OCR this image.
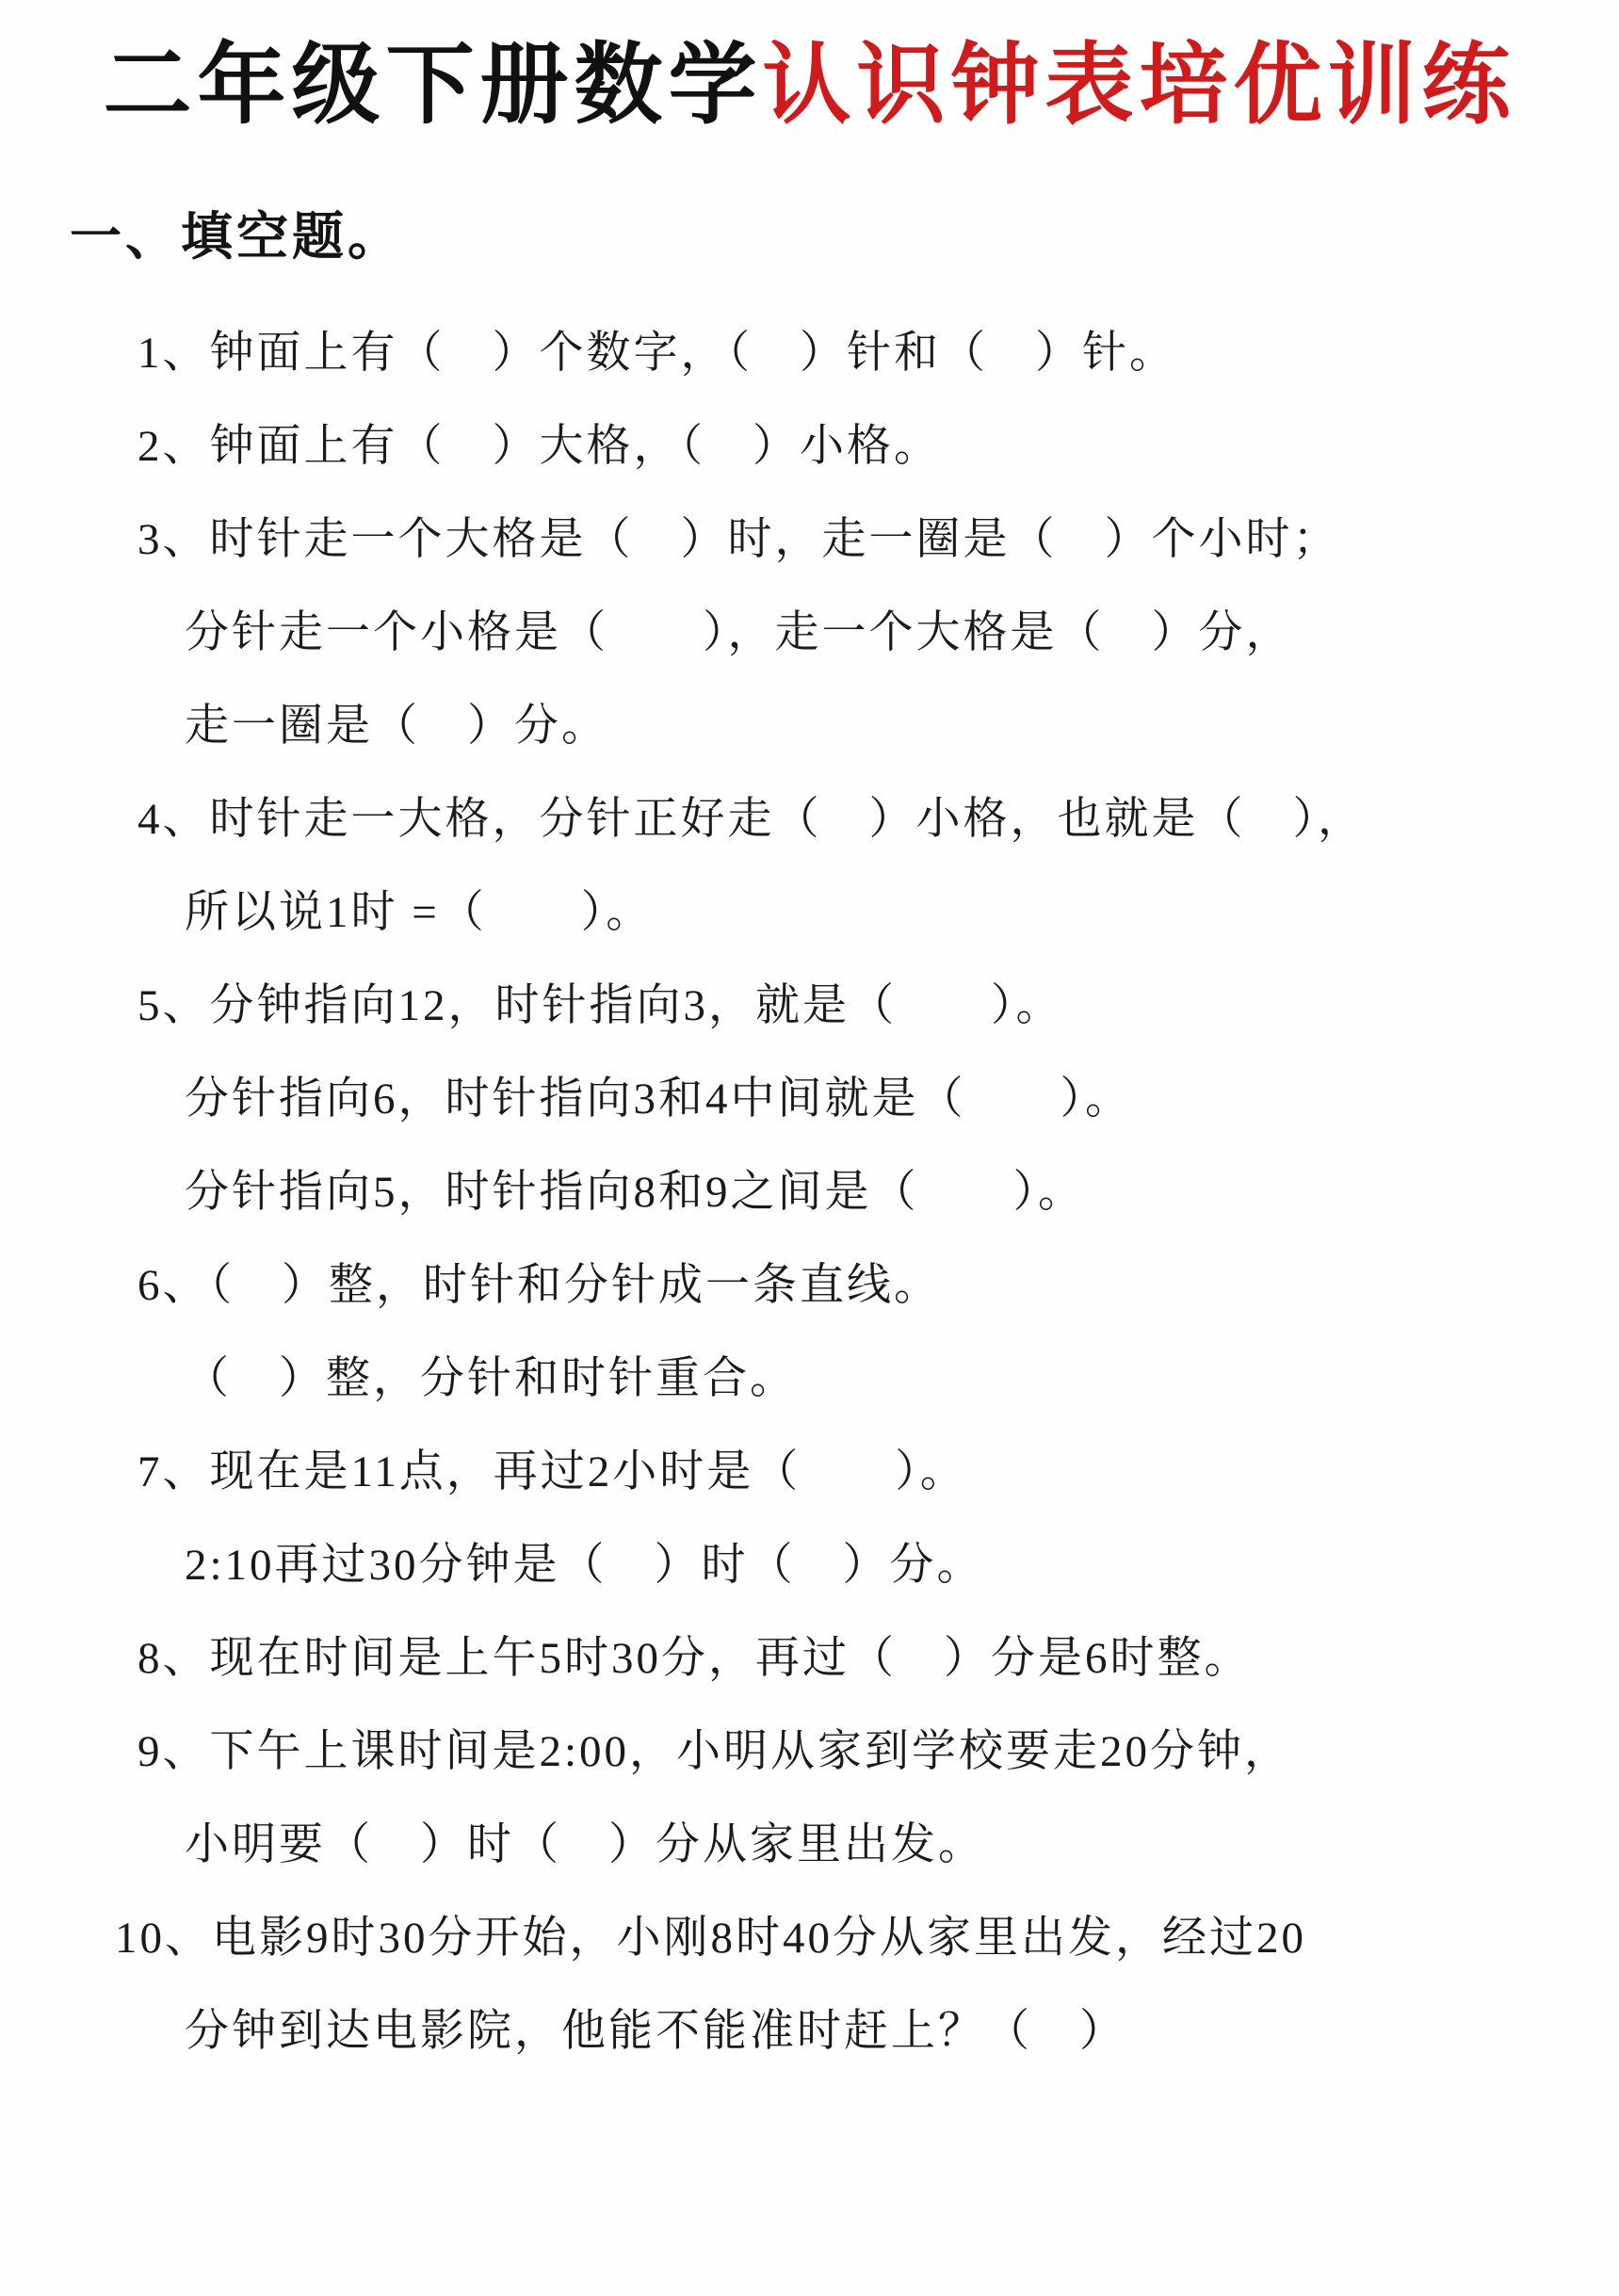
二年级下册数学认识钟表培优训练
一、填空题。
1、钟面上有（　）个数字，（　）针和（　）针。
2、钟面上有（　）大格，（　）小格。
3、时针走一个大格是（　）时，走一圈是（　）个小时；
分针走一个小格是（　　），走一个大格是（　）分，
走一圈是（　）分。
4、时针走一大格，分针正好走（　）小格，也就是（　），
所以说1时 =（　　）。
5、分钟指向12，时针指向3，就是（　　）。
分针指向6，时针指向3和4中间就是（　　）。
分针指向5，时针指向8和9之间是（　　）。
6、（　）整，时针和分针成一条直线。
（　）整，分针和时针重合。
7、现在是11点，再过2小时是（　　）。
2:10再过30分钟是（　）时（　）分。
8、现在时间是上午5时30分，再过（　）分是6时整。
9、下午上课时间是2:00，小明从家到学校要走20分钟，
小明要（　）时（　）分从家里出发。
10、电影9时30分开始，小刚8时40分从家里出发，经过20
分钟到达电影院，他能不能准时赶上？（　）
